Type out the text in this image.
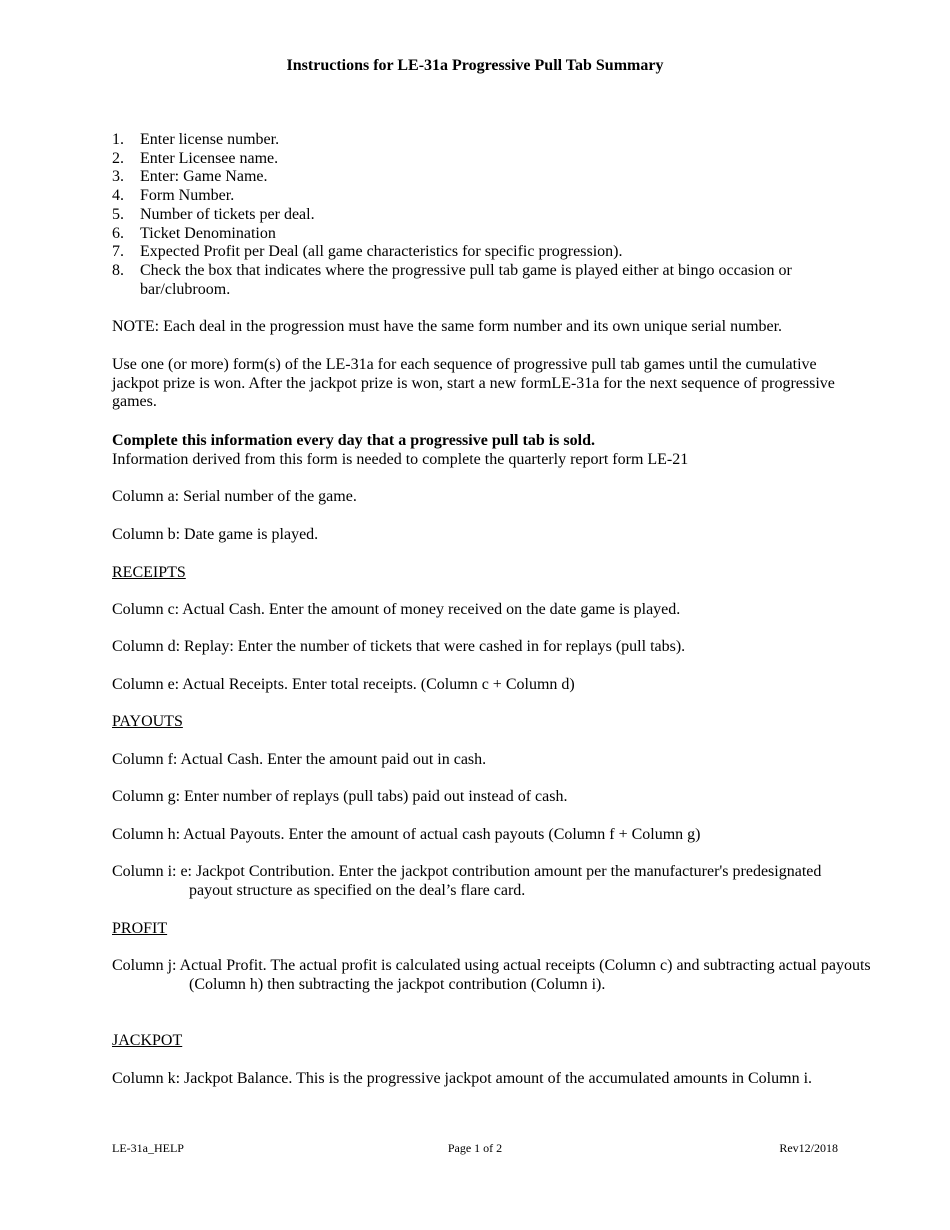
Instructions for LE-31a Progressive Pull Tab Summary
1. Enter license number.
2. Enter Licensee name.
3. Enter: Game Name.
4. Form Number.
5. Number of tickets per deal.
6. Ticket Denomination
7. Expected Profit per Deal (all game characteristics for specific progression).
8. Check the box that indicates where the progressive pull tab game is played either at bingo occasion or bar/clubroom.
NOTE: Each deal in the progression must have the same form number and its own unique serial number.
Use one (or more) form(s) of the LE-31a for each sequence of progressive pull tab games until the cumulative jackpot prize is won. After the jackpot prize is won, start a new formLE-31a for the next sequence of progressive games.
Complete this information every day that a progressive pull tab is sold.
Information derived from this form is needed to complete the quarterly report form LE-21
Column a: Serial number of the game.
Column b: Date game is played.
RECEIPTS
Column c: Actual Cash. Enter the amount of money received on the date game is played.
Column d: Replay: Enter the number of tickets that were cashed in for replays (pull tabs).
Column e: Actual Receipts. Enter total receipts. (Column c + Column d)
PAYOUTS
Column f: Actual Cash. Enter the amount paid out in cash.
Column g: Enter number of replays (pull tabs) paid out instead of cash.
Column h: Actual Payouts. Enter the amount of actual cash payouts (Column f + Column g)
Column i: e: Jackpot Contribution. Enter the jackpot contribution amount per the manufacturer's predesignated payout structure as specified on the deal’s flare card.
PROFIT
Column j: Actual Profit. The actual profit is calculated using actual receipts (Column c) and subtracting actual payouts (Column h) then subtracting the jackpot contribution (Column i).
JACKPOT
Column k: Jackpot Balance. This is the progressive jackpot amount of the accumulated amounts in Column i.
LE-31a_HELP	Page 1 of 2	Rev12/2018
